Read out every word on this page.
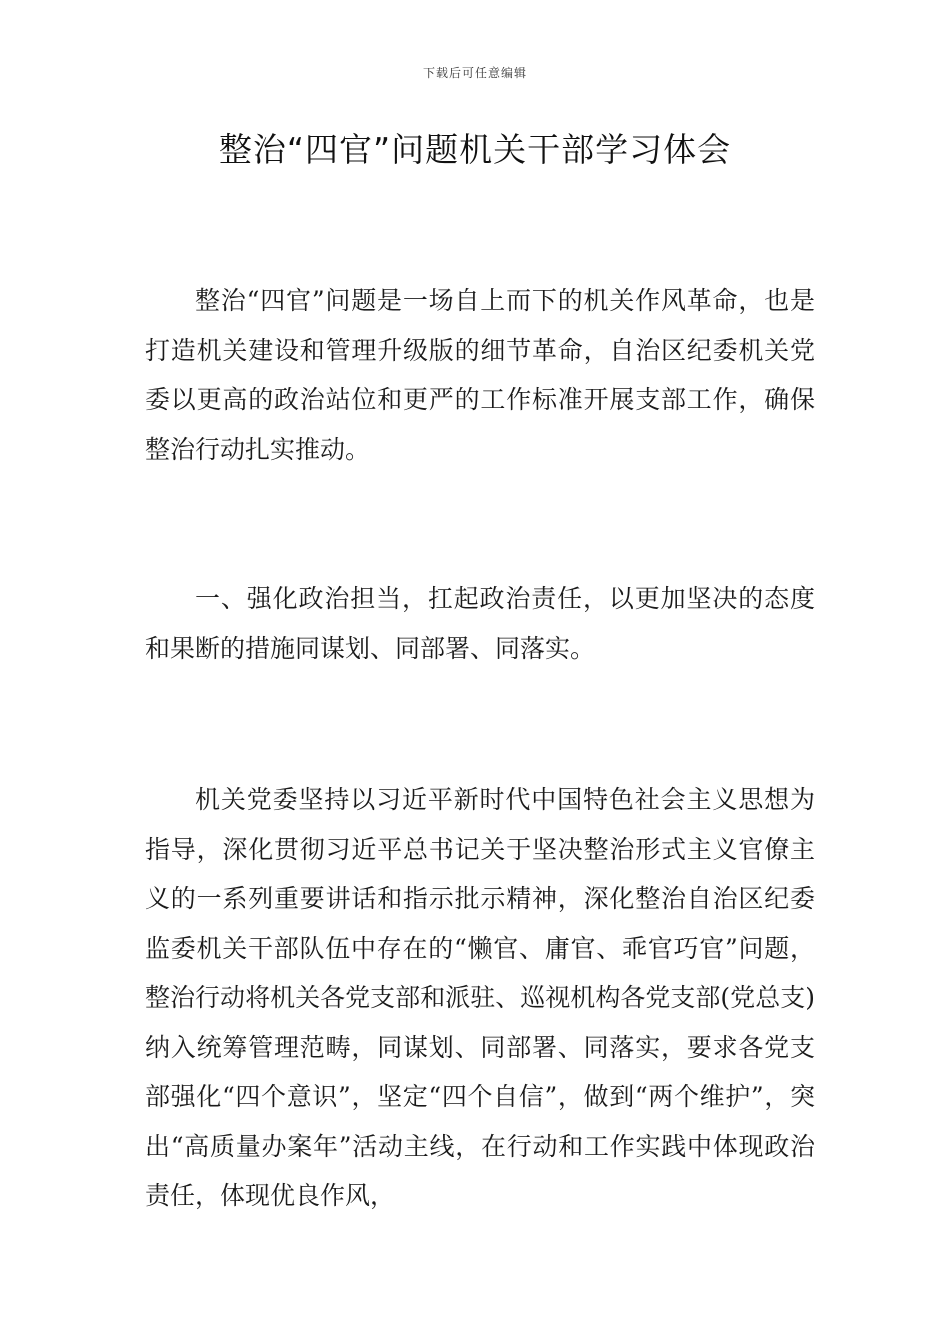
下载后可任意编辑
整治“四官”问题机关干部学习体会

整治“四官”问题是一场自上而下的机关作风革命，也是打造机关建设和管理升级版的细节革命，自治区纪委机关党委以更高的政治站位和更严的工作标准开展支部工作，确保整治行动扎实推动。

一、强化政治担当，扛起政治责任，以更加坚决的态度和果断的措施同谋划、同部署、同落实。

机关党委坚持以习近平新时代中国特色社会主义思想为指导，深化贯彻习近平总书记关于坚决整治形式主义官僚主义的一系列重要讲话和指示批示精神，深化整治自治区纪委监委机关干部队伍中存在的“懒官、庸官、乖官巧官”问题，整治行动将机关各党支部和派驻、巡视机构各党支部(党总支)纳入统筹管理范畴，同谋划、同部署、同落实，要求各党支部强化“四个意识”，坚定“四个自信”，做到“两个维护”，突出“高质量办案年”活动主线，在行动和工作实践中体现政治责任，体现优良作风，
